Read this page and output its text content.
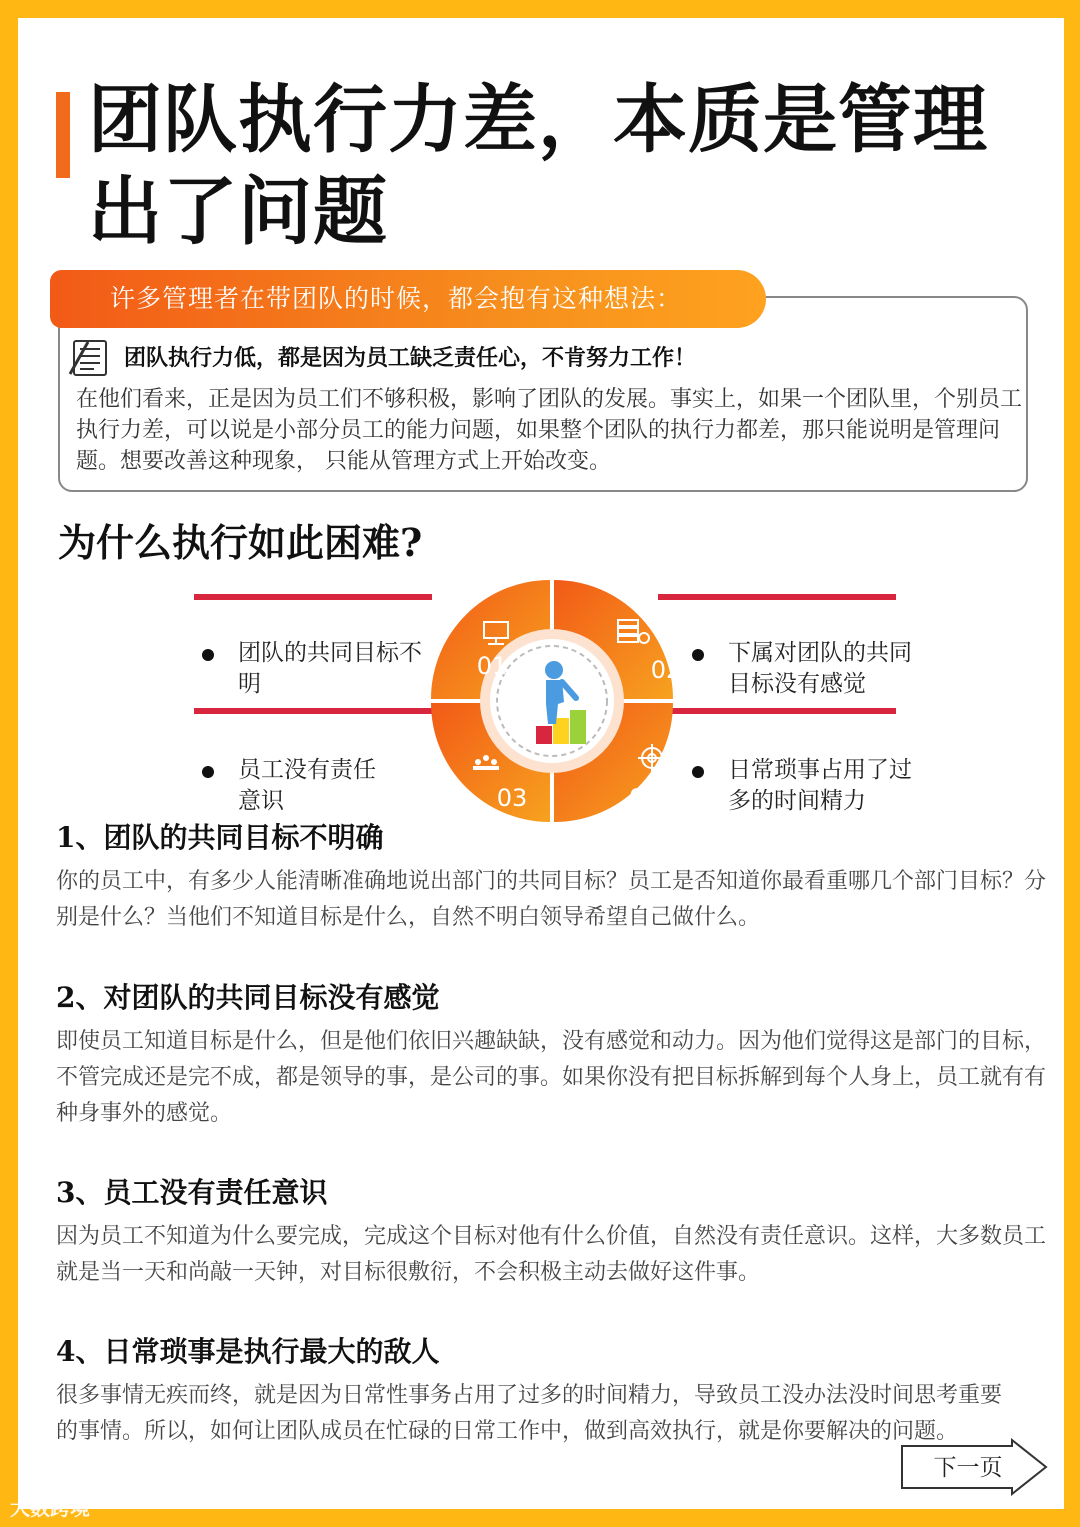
团队执行力差，本质是管理出了问题
许多管理者在带团队的时候，都会抱有这种想法：
团队执行力低，都是因为员工缺乏责任心，不肯努力工作！

在他们看来，正是因为员工们不够积极，影响了团队的发展。事实上，如果一个团队里，个别员工执行力差，可以说是小部分员工的能力问题，如果整个团队的执行力都差，那只能说明是管理问题。想要改善这种现象， 只能从管理方式上开始改变。

为什么执行如此困难?
团队的共同目标不明
下属对团队的共同目标没有感觉
员工没有责任意识
日常琐事占用了过多的时间精力
01	02
03	04
1、团队的共同目标不明确

你的员工中，有多少人能清晰准确地说出部门的共同目标？员工是否知道你最看重哪几个部门目标？分别是什么？当他们不知道目标是什么，自然不明白领导希望自己做什么。

2、对团队的共同目标没有感觉

即使员工知道目标是什么，但是他们依旧兴趣缺缺，没有感觉和动力。因为他们觉得这是部门的目标，不管完成还是完不成，都是领导的事，是公司的事。如果你没有把目标拆解到每个人身上，员工就有有种身事外的感觉。

3、员工没有责任意识

因为员工不知道为什么要完成，完成这个目标对他有什么价值，自然没有责任意识。这样，大多数员工就是当一天和尚敲一天钟，对目标很敷衍，不会积极主动去做好这件事。

4、日常琐事是执行最大的敌人

很多事情无疾而终，就是因为日常性事务占用了过多的时间精力，导致员工没办法没时间思考重要的事情。所以，如何让团队成员在忙碌的日常工作中，做到高效执行，就是你要解决的问题。

下一页
大数跨境
